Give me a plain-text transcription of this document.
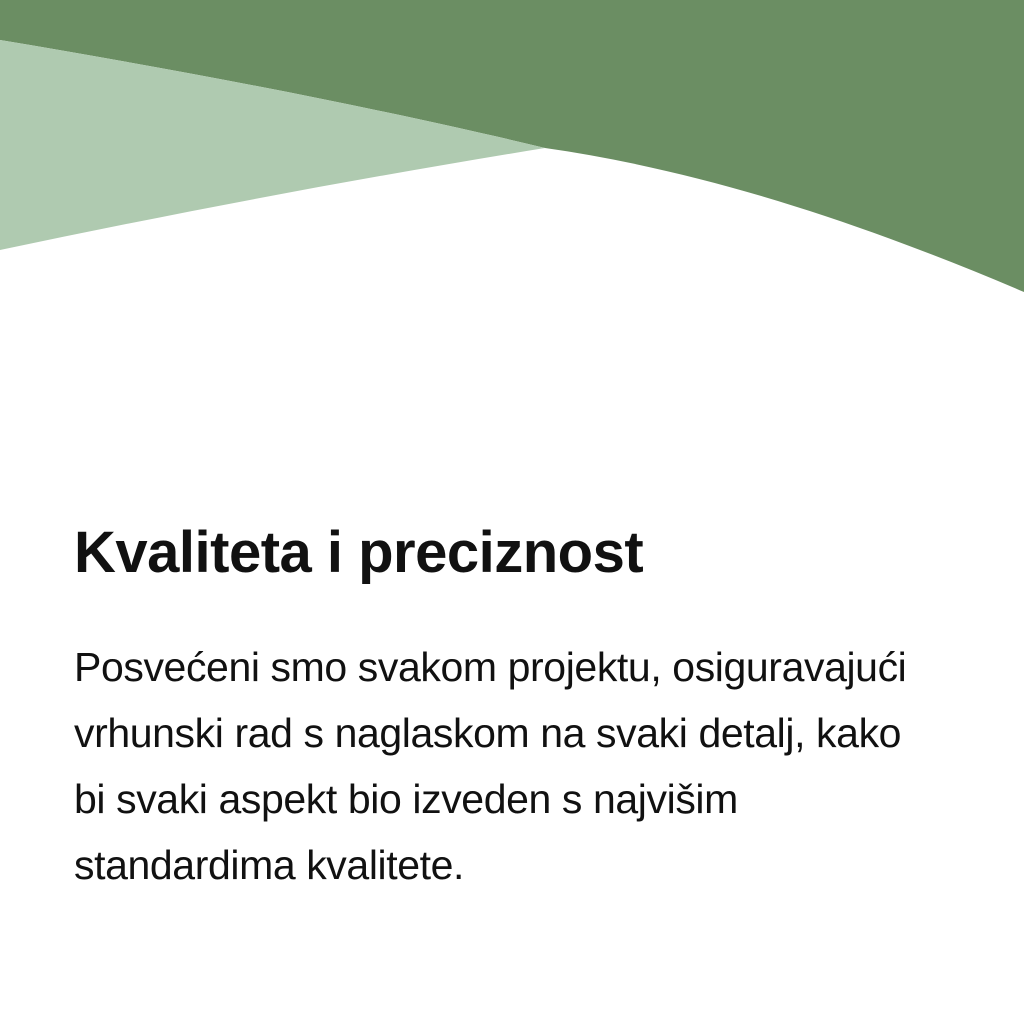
Kvaliteta i preciznost

Posvećeni smo svakom projektu, osiguravajući vrhunski rad s naglaskom na svaki detalj, kako bi svaki aspekt bio izveden s najvišim standardima kvalitete.
